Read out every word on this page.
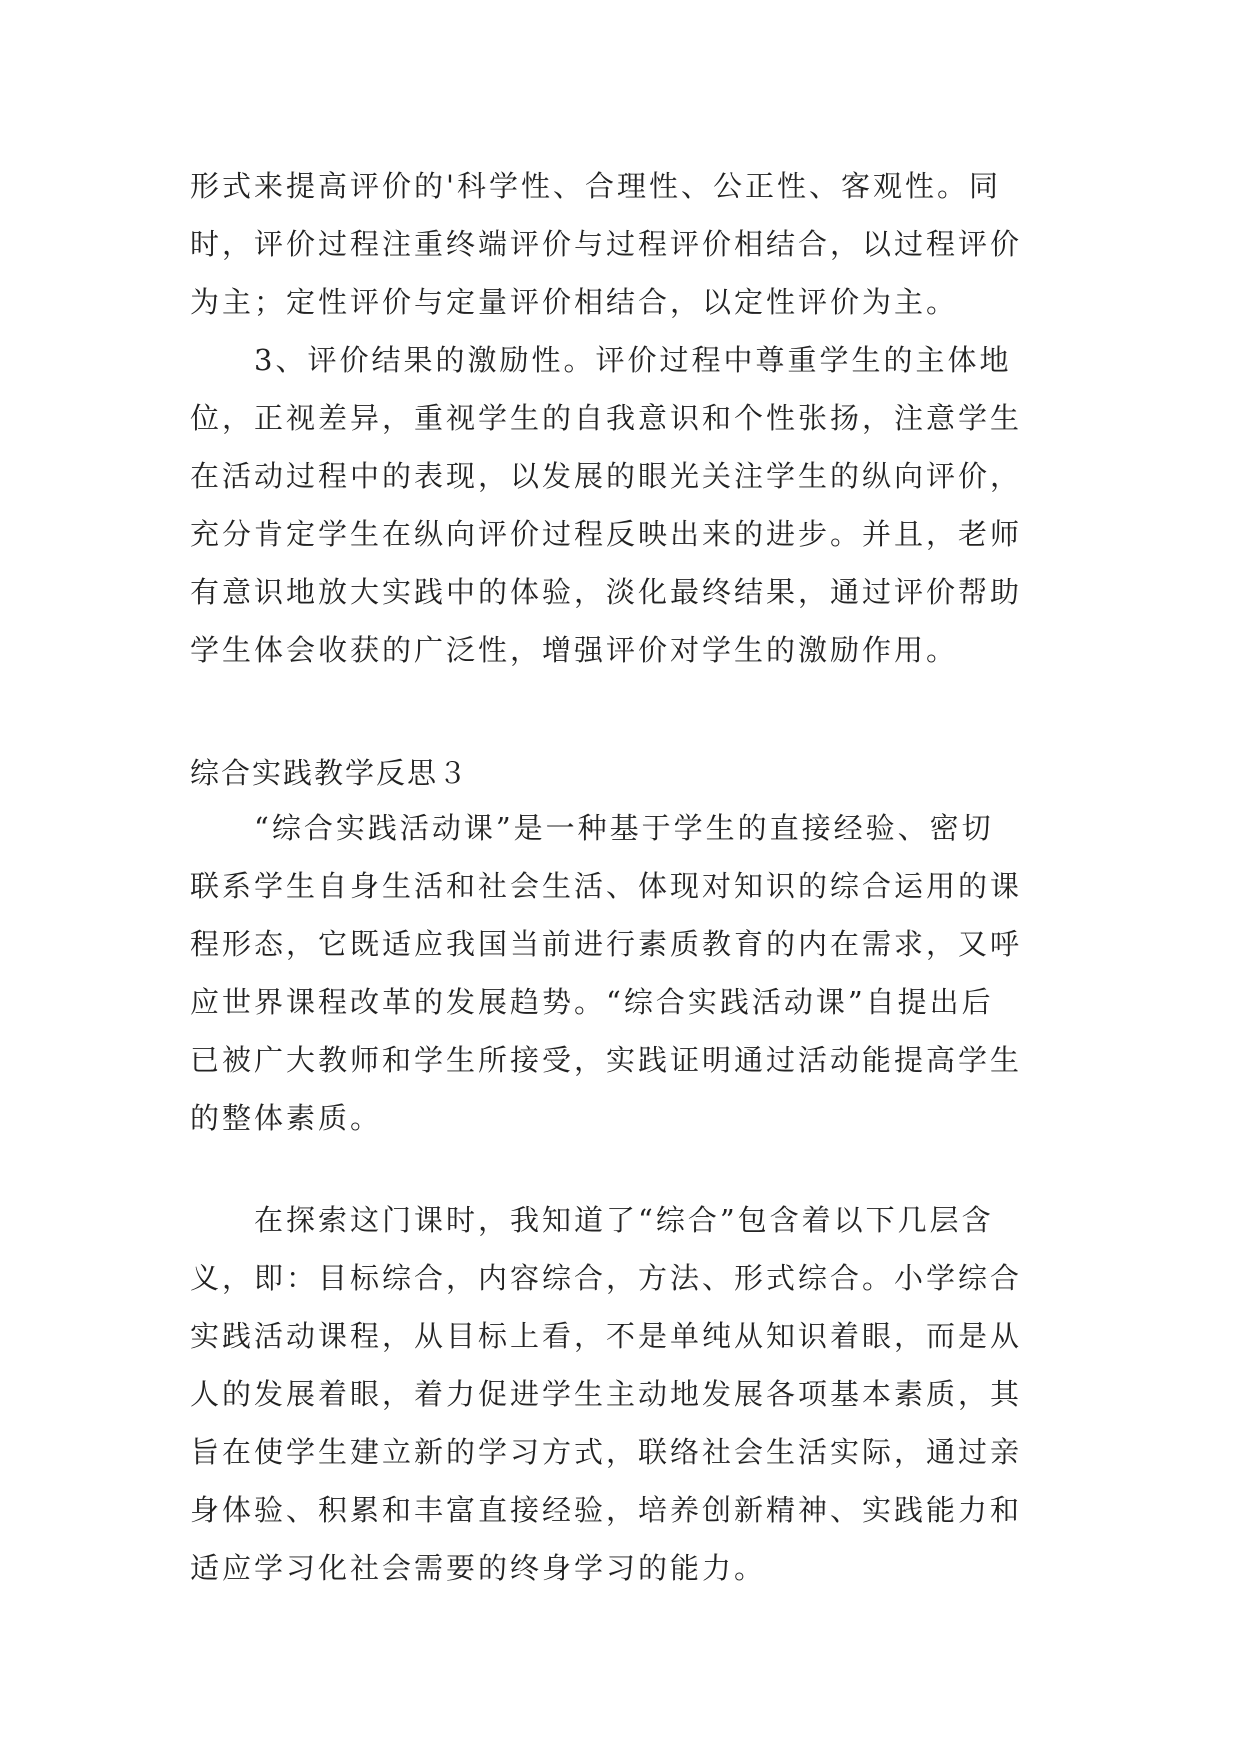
形式来提高评价的'科学性、合理性、公正性、客观性。同
时，评价过程注重终端评价与过程评价相结合，以过程评价
为主；定性评价与定量评价相结合，以定性评价为主。
3、评价结果的激励性。评价过程中尊重学生的主体地
位，正视差异，重视学生的自我意识和个性张扬，注意学生
在活动过程中的表现，以发展的眼光关注学生的纵向评价，
充分肯定学生在纵向评价过程反映出来的进步。并且，老师
有意识地放大实践中的体验，淡化最终结果，通过评价帮助
学生体会收获的广泛性，增强评价对学生的激励作用。
综合实践教学反思３
“综合实践活动课”是一种基于学生的直接经验、密切
联系学生自身生活和社会生活、体现对知识的综合运用的课
程形态，它既适应我国当前进行素质教育的内在需求，又呼
应世界课程改革的发展趋势。“综合实践活动课”自提出后
已被广大教师和学生所接受，实践证明通过活动能提高学生
的整体素质。
在探索这门课时，我知道了“综合”包含着以下几层含
义，即：目标综合，内容综合，方法、形式综合。小学综合
实践活动课程，从目标上看，不是单纯从知识着眼，而是从
人的发展着眼，着力促进学生主动地发展各项基本素质，其
旨在使学生建立新的学习方式，联络社会生活实际，通过亲
身体验、积累和丰富直接经验，培养创新精神、实践能力和
适应学习化社会需要的终身学习的能力。
